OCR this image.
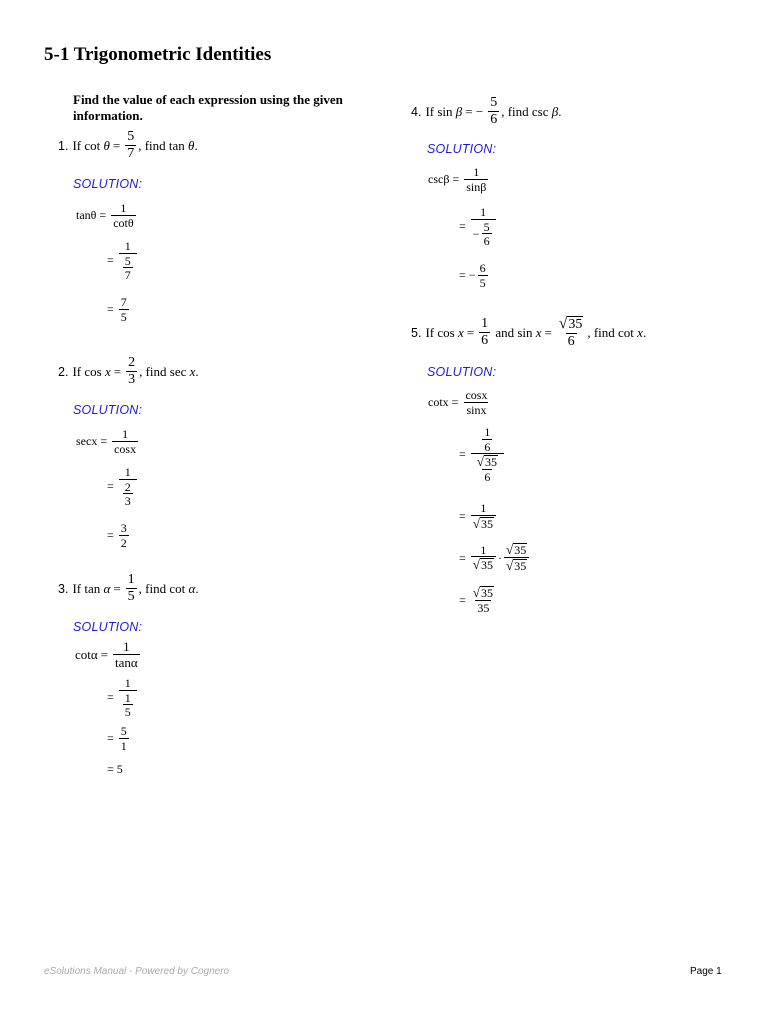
5-1 Trigonometric Identities
Find the value of each expression using the given information.
1. If cot
$\theta = \frac{5}{7}$ , find tan
θ .
SOLUTION:
$\tan\theta = \frac{1}{\cot\theta}$
= $\frac{1}{\frac{5}{7}}$
= $\frac{7}{5}$
2. If cos
$x = \frac{2}{3}$ , find sec
x .
SOLUTION:
$\sec x = \frac{1}{\cos x}$
= $\frac{1}{\frac{2}{3}}$
= $\frac{3}{2}$
3. If tan
$\alpha = \frac{1}{5}$ , find cot
α .
SOLUTION:
$\cot\alpha = \frac{1}{\tan\alpha}$
= $\frac{1}{\frac{1}{5}}$
= $\frac{5}{1}$
= 5
4. If sin
β = − $\frac{5}{6}$ , find csc
β .
SOLUTION:
$\csc\beta = \frac{1}{\sin\beta}$
= $\frac{1}{- \frac{5}{6}}$
= − $\frac{6}{5}$
5. If cos
$x = \frac{1}{6}$
and sin
$x = \frac{√ 35}{6}$ , find cot
x .
SOLUTION:
$\cot x = \frac{\cos x}{\sin x}$
= $\frac{\frac{1}{6}}{\frac{√ 35}{6}}$
= $\frac{1}{√ 35}$
= $\frac{1}{√ 35} \cdot \frac{√ 35}{√ 35}$
= $\frac{√ 35}{35}$
eSolutions Manual - Powered by Cognero	Page 1
